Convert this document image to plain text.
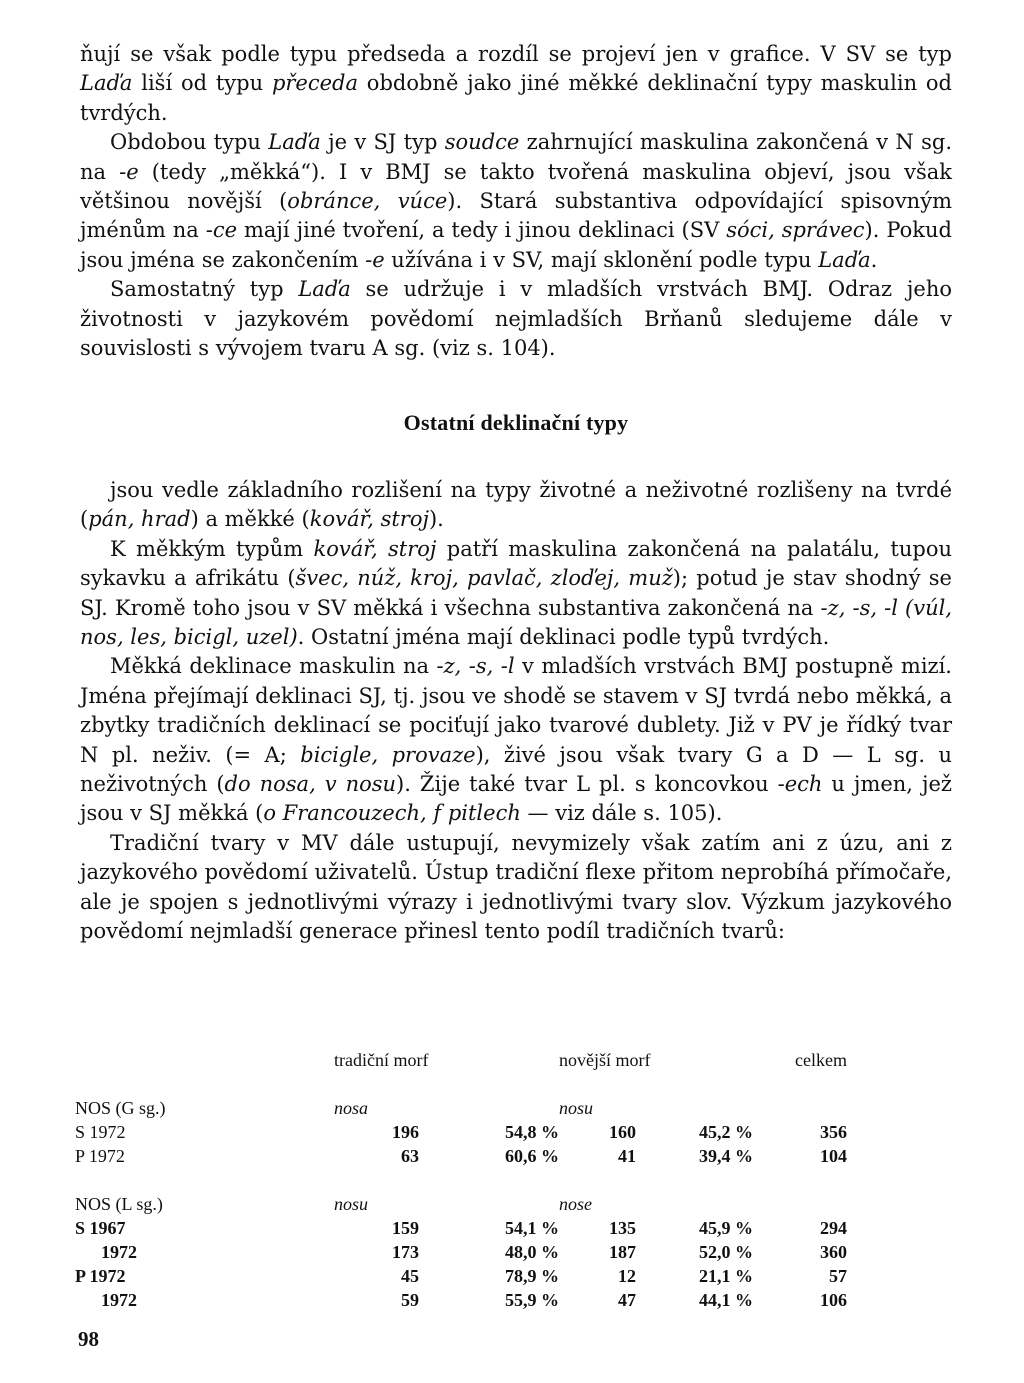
ňují se však podle typu předseda a rozdíl se projeví jen v grafice. V SV se typ Laďa liší od typu přeceda obdobně jako jiné měkké deklinační typy maskulin od tvrdých.

Obdobou typu Laďa je v SJ typ soudce zahrnující maskulina zakončená v N sg. na -e (tedy „měkká“). I v BMJ se takto tvořená maskulina objeví, jsou však většinou novější (obránce, vúce). Stará substantiva odpovídající spisovným jménům na -ce mají jiné tvoření, a tedy i jinou deklinaci (SV sóci, správec). Pokud jsou jména se zakončením -e užívána i v SV, mají sklonění podle typu Laďa.

Samostatný typ Laďa se udržuje i v mladších vrstvách BMJ. Odraz jeho životnosti v jazykovém povědomí nejmladších Brňanů sledujeme dále v souvislosti s vývojem tvaru A sg. (viz s. 104).

Ostatní deklinační typy

jsou vedle základního rozlišení na typy životné a neživotné rozlišeny na tvrdé (pán, hrad) a měkké (kovář, stroj).

K měkkým typům kovář, stroj patří maskulina zakončená na palatálu, tupou sykavku a afrikátu (švec, núž, kroj, pavlač, zloďej, muž); potud je stav shodný se SJ. Kromě toho jsou v SV měkká i všechna substantiva zakončená na -z, -s, -l (vúl, nos, les, bicigl, uzel). Ostatní jména mají deklinaci podle typů tvrdých.

Měkká deklinace maskulin na -z, -s, -l v mladších vrstvách BMJ postupně mizí. Jména přejímají deklinaci SJ, tj. jsou ve shodě se stavem v SJ tvrdá nebo měkká, a zbytky tradičních deklinací se pociťují jako tvarové dublety. Již v PV je řídký tvar N pl. neživ. (= A; bicigle, provaze), živé jsou však tvary G a D — L sg. u neživotných (do nosa, v nosu). Žije také tvar L pl. s koncovkou -ech u jmen, jež jsou v SJ měkká (o Francouzech, f pitlech — viz dále s. 105).

Tradiční tvary v MV dále ustupují, nevymizely však zatím ani z úzu, ani z jazykového povědomí uživatelů. Ústup tradiční flexe přitom neprobíhá přímočaře, ale je spojen s jednotlivými výrazy i jednotlivými tvary slov. Výzkum jazykového povědomí nejmladší generace přinesl tento podíl tradičních tvarů:

	tradiční morf		novější morf		celkem

NOS (G sg.)	nosa		nosu		
S 1972	196	54,8 %	160	45,2 %	356
P 1972	63	60,6 %	41	39,4 %	104

NOS (L sg.)	nosu		nose		
S 1967	159	54,1 %	135	45,9 %	294
1972	173	48,0 %	187	52,0 %	360
P 1972	45	78,9 %	12	21,1 %	57
1972	59	55,9 %	47	44,1 %	106
98
